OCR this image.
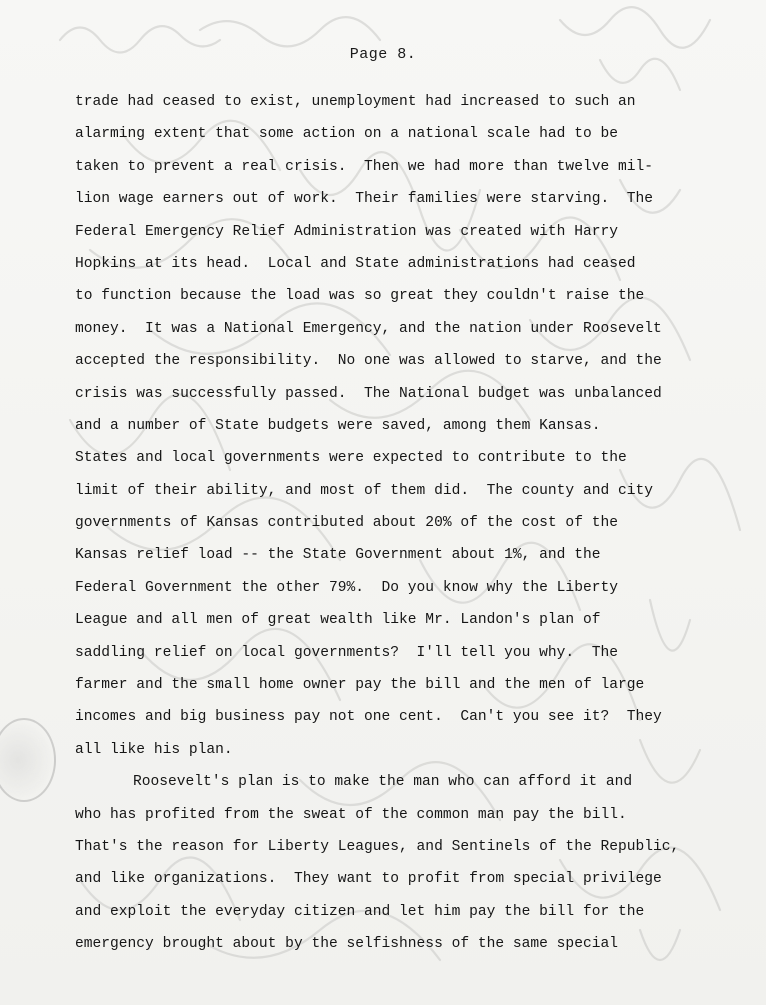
Page 8.
trade had ceased to exist, unemployment had increased to such an
alarming extent that some action on a national scale had to be
taken to prevent a real crisis.  Then we had more than twelve mil-
lion wage earners out of work.  Their families were starving.  The
Federal Emergency Relief Administration was created with Harry
Hopkins at its head.  Local and State administrations had ceased
to function because the load was so great they couldn't raise the
money.  It was a National Emergency, and the nation under Roosevelt
accepted the responsibility.  No one was allowed to starve, and the
crisis was successfully passed.  The National budget was unbalanced
and a number of State budgets were saved, among them Kansas.
States and local governments were expected to contribute to the
limit of their ability, and most of them did.  The county and city
governments of Kansas contributed about 20% of the cost of the
Kansas relief load -- the State Government about 1%, and the
Federal Government the other 79%.  Do you know why the Liberty
League and all men of great wealth like Mr. Landon's plan of
saddling relief on local governments?  I'll tell you why.  The
farmer and the small home owner pay the bill and the men of large
incomes and big business pay not one cent.  Can't you see it?  They
all like his plan.
Roosevelt's plan is to make the man who can afford it and
who has profited from the sweat of the common man pay the bill.
That's the reason for Liberty Leagues, and Sentinels of the Republic,
and like organizations.  They want to profit from special privilege
and exploit the everyday citizen and let him pay the bill for the
emergency brought about by the selfishness of the same special
